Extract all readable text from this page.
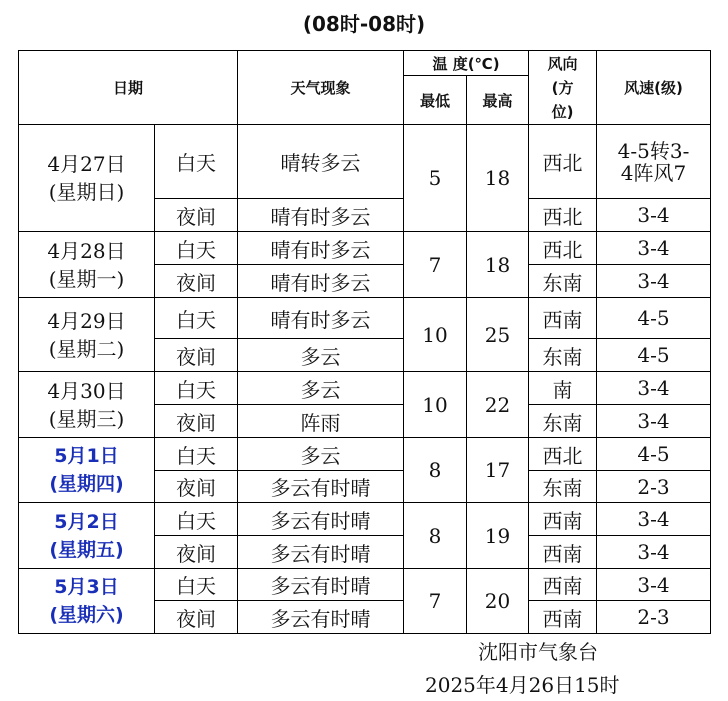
(08时-08时)
日期		天气现象	温 度(℃)		风向(方位)	风速(级)
			最低	最高		

4月27日
(星期日)	白天	晴转多云	5	18	西北	4-5转3-4阵风7
	夜间	晴有时多云			西北	3-4

4月28日
(星期一)	白天	晴有时多云	7	18	西北	3-4
	夜间	晴有时多云			东南	3-4

4月29日
(星期二)	白天	晴有时多云	10	25	西南	4-5
	夜间	多云			东南	4-5

4月30日
(星期三)	白天	多云	10	22	南	3-4
	夜间	阵雨			东南	3-4

5月1日
(星期四)	白天	多云	8	17	西北	4-5
	夜间	多云有时晴			东南	2-3

5月2日
(星期五)	白天	多云有时晴	8	19	西南	3-4
	夜间	多云有时晴			西南	3-4

5月3日
(星期六)	白天	多云有时晴	7	20	西南	3-4
	夜间	多云有时晴			西南	2-3
沈阳市气象台
2025年4月26日15时
